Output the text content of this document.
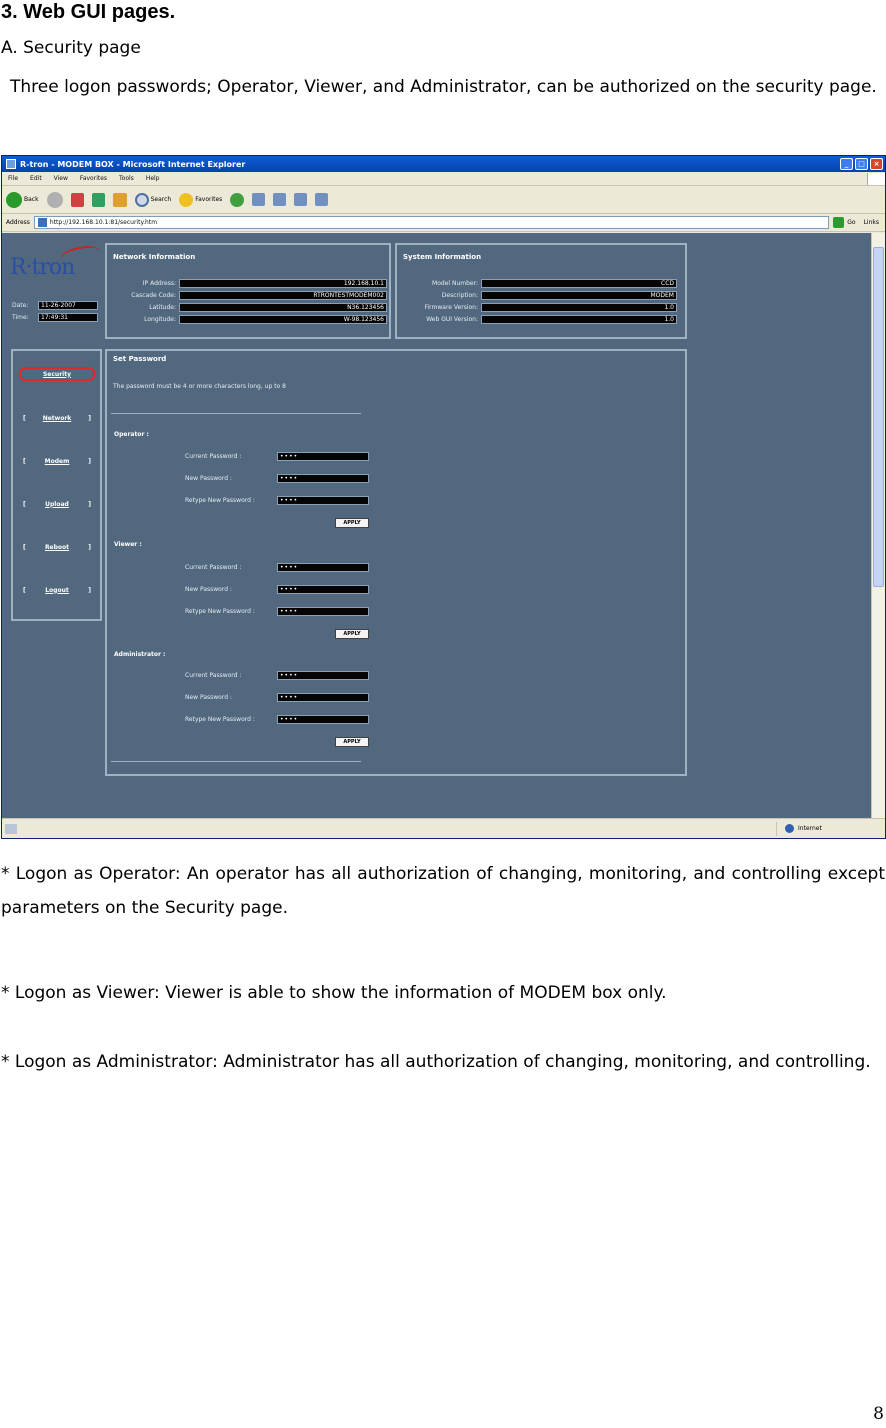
3. Web GUI pages.
A. Security page
Three logon passwords; Operator, Viewer, and Administrator, can be authorized on the security page.
R-tron - MODEM BOX - Microsoft Internet Explorer	_	□	×
File Edit View Favorites Tools Help
Back	Search	Favorites
Address	http://192.168.10.1:81/security.htm	Go Links
R·tron
Date:	11-26-2007
Time:	17:49:31
Network Information
IP Address:	192.168.10.1
Cascade Code:	RTRONTESTMODEM002
Latitude:	N36.123456
Longitude:	W-98.123456
System Information
Model Number:	CCD
Description:	MODEM
Firmware Version:	1.0
Web GUI Version:	1.0
Security
[	Network	]
[	Modem	]
[	Upload	]
[	Reboot	]
[	Logout	]
Set Password
The password must be 4 or more characters long, up to 8
Operator :
Current Password :	••••
New Password :	••••
Retype New Password :	••••
APPLY
Viewer :
Current Password :	••••
New Password :	••••
Retype New Password :	••••
APPLY
Administrator :
Current Password :	••••
New Password :	••••
Retype New Password :	••••
APPLY
Internet
* Logon as Operator: An operator has all authorization of changing, monitoring, and controlling except parameters on the Security page.
* Logon as Viewer: Viewer is able to show the information of MODEM box only.
* Logon as Administrator: Administrator has all authorization of changing, monitoring, and controlling.
8
